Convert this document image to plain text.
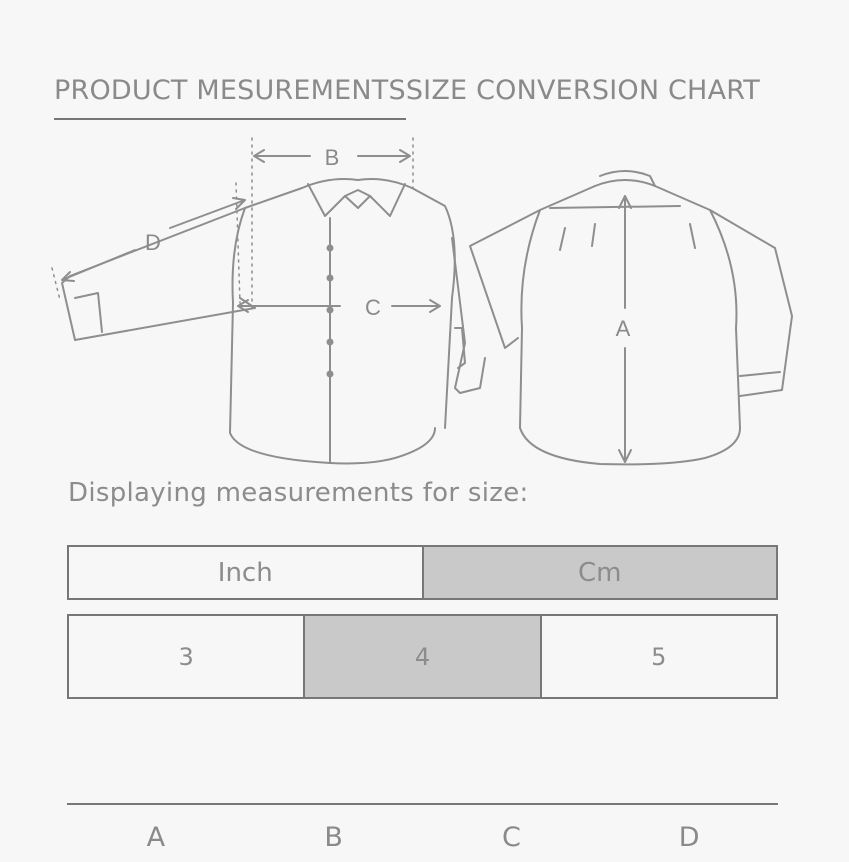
PRODUCT MESUREMENTS SIZE CONVERSION CHART
B
C
D
A
Displaying measurements for size:
Inch	Cm
3	4	5
A	B	C	D
